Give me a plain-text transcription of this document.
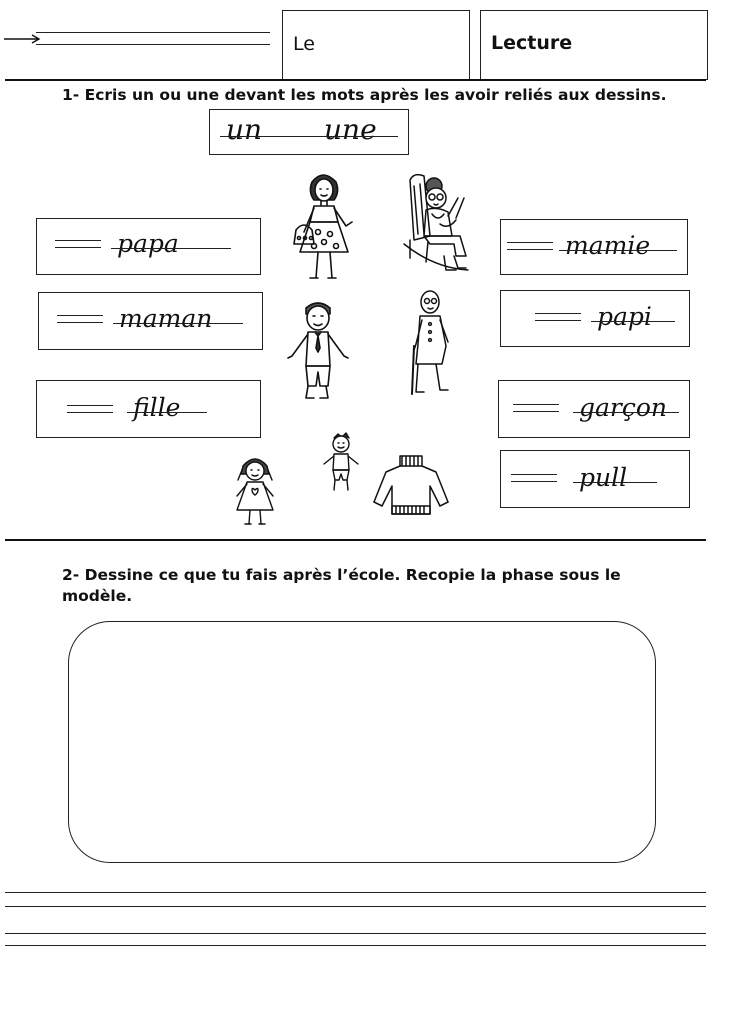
Le	Lecture
1- Ecris un ou une devant les mots après les avoir reliés aux dessins.
un une
papa
maman
fille
mamie
papi
garçon
pull
2- Dessine ce que tu fais après l’école. Recopie la phase sous le modèle.
